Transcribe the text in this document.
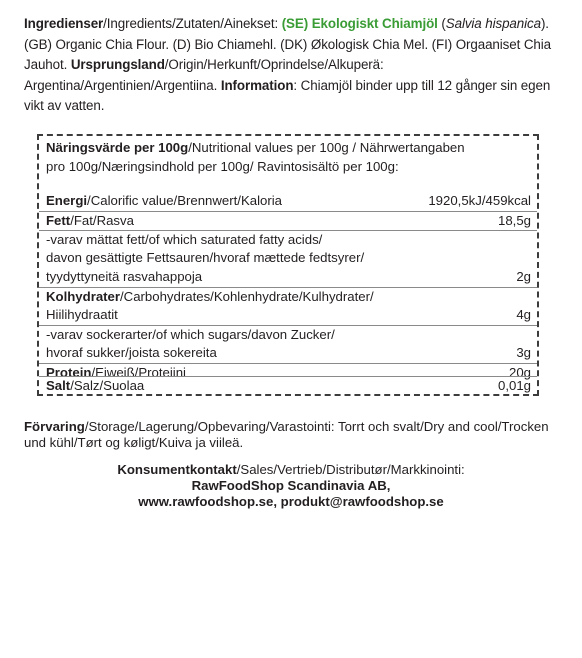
Ingredienser/Ingredients/Zutaten/Ainekset: (SE) Ekologiskt Chiamjöl (Salvia hispanica). (GB) Organic Chia Flour. (D) Bio Chiamehl. (DK) Økologisk Chia Mel. (FI) Orgaaniset Chia Jauhot. Ursprungsland/Origin/Herkunft/Oprindelse/Alkuperä: Argentina/Argentinien/Argentiina. Information: Chiamjöl binder upp till 12 gånger sin egen vikt av vatten.
Näringsvärde per 100g/Nutritional values per 100g / Nährwertangaben pro 100g/Næringsindhold per 100g/ Ravintosisältö per 100g:
Energi/Calorific value/Brennwert/Kaloria	1920,5kJ/459kcal
Fett/Fat/Rasva	18,5g
-varav mättat fett/of which saturated fatty acids/
davon gesättigte Fettsauren/hvoraf mættede fedtsyrer/
tyydyttyneitä rasvahappoja	2g
Kolhydrater/Carbohydrates/Kohlenhydrate/Kulhydrater/
Hiilihydraatit	4g
-varav sockerarter/of which sugars/davon Zucker/
hvoraf sukker/joista sokereita	3g
Protein/Eiweiß/Proteiini	20g
Salt/Salz/Suolaa	0,01g
Förvaring/Storage/Lagerung/Opbevaring/Varastointi: Torrt och svalt/Dry and cool/Trocken und kühl/Tørt og køligt/Kuiva ja viileä.
Konsumentkontakt/Sales/Vertrieb/Distributør/Markkinointi:
RawFoodShop Scandinavia AB,
www.rawfoodshop.se, produkt@rawfoodshop.se
